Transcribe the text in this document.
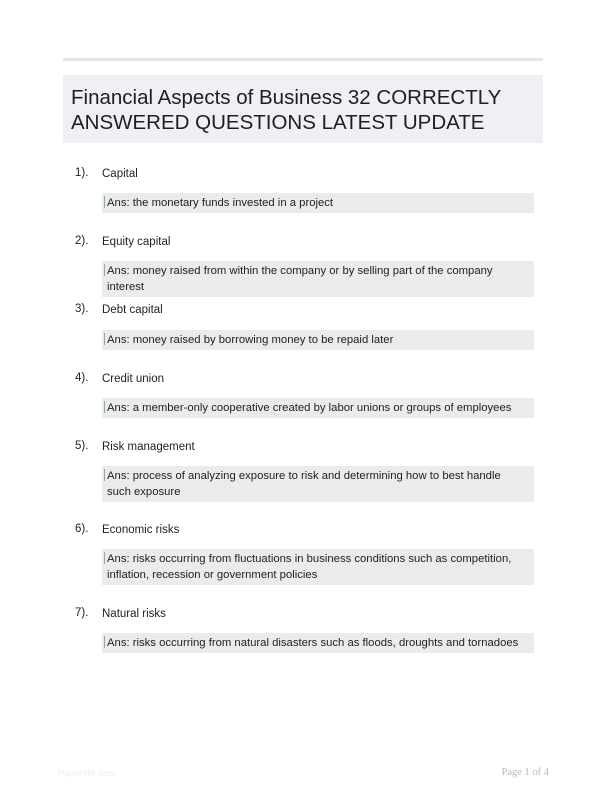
Financial Aspects of Business 32 CORRECTLY ANSWERED QUESTIONS LATEST UPDATE
1). Capital
Ans: the monetary funds invested in a project
2). Equity capital
Ans: money raised from within the company or by selling part of the company interest
3). Debt capital
Ans: money raised by borrowing money to be repaid later
4). Credit union
Ans: a member-only cooperative created by labor unions or groups of employees
5). Risk management
Ans: process of analyzing exposure to risk and determining how to best handle such exposure
6). Economic risks
Ans: risks occurring from fluctuations in business conditions such as competition, inflation, recession or government policies
7). Natural risks
Ans: risks occurring from natural disasters such as floods, droughts and tornadoes
Paperlibr.com	Page 1 of 4
